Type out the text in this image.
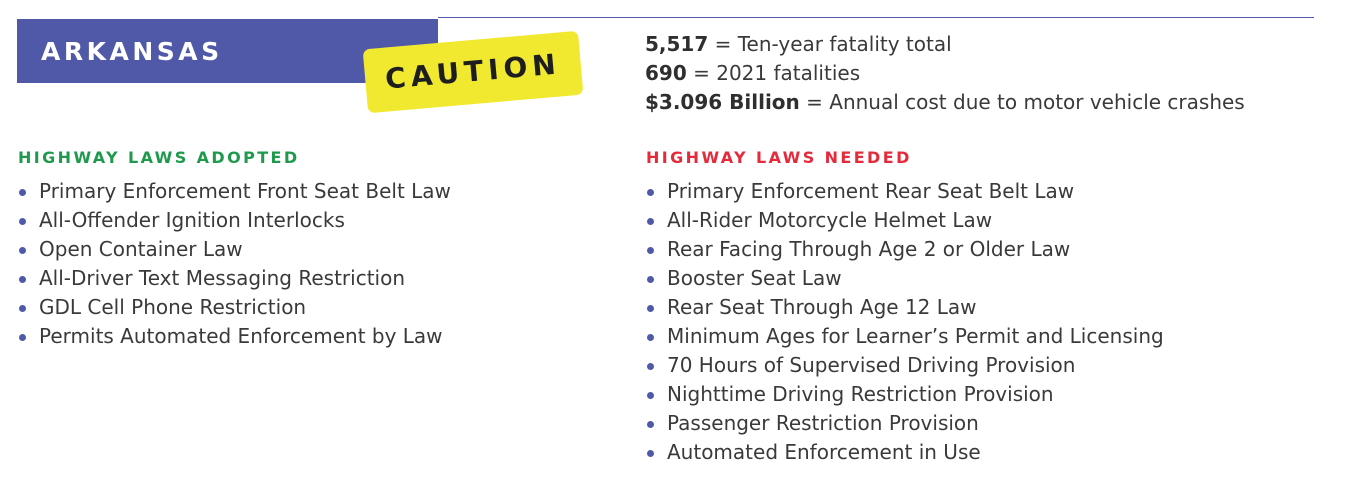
ARKANSAS	CAUTION
5,517 = Ten-year fatality total
690 = 2021 fatalities
$3.096 Billion = Annual cost due to motor vehicle crashes
HIGHWAY LAWS ADOPTED
Primary Enforcement Front Seat Belt Law
All-Offender Ignition Interlocks
Open Container Law
All-Driver Text Messaging Restriction
GDL Cell Phone Restriction
Permits Automated Enforcement by Law
HIGHWAY LAWS NEEDED
Primary Enforcement Rear Seat Belt Law
All-Rider Motorcycle Helmet Law
Rear Facing Through Age 2 or Older Law
Booster Seat Law
Rear Seat Through Age 12 Law
Minimum Ages for Learner’s Permit and Licensing
70 Hours of Supervised Driving Provision
Nighttime Driving Restriction Provision
Passenger Restriction Provision
Automated Enforcement in Use
